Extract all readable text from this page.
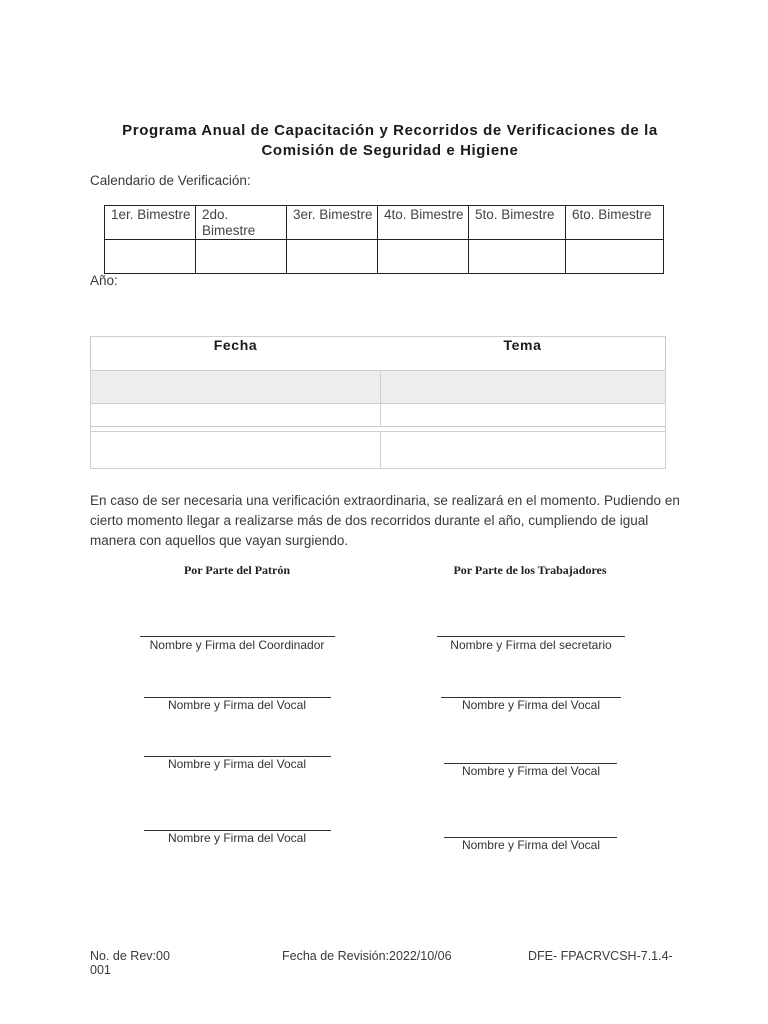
Programa Anual de Capacitación y Recorridos de Verificaciones de la
Comisión de Seguridad e Higiene
Calendario de Verificación:
1er. Bimestre	2do. Bimestre	3er. Bimestre	4to. Bimestre	5to. Bimestre	6to. Bimestre

Año:
Fecha	Tema

En caso de ser necesaria una verificación extraordinaria, se realizará en el momento. Pudiendo en cierto momento llegar a realizarse más de dos recorridos durante el año, cumpliendo de igual manera con aquellos que vayan surgiendo.
Por Parte del Patrón	Por Parte de los Trabajadores
Nombre y Firma del Coordinador
Nombre y Firma del Vocal
Nombre y Firma del Vocal
Nombre y Firma del Vocal
Nombre y Firma del secretario
Nombre y Firma del Vocal
Nombre y Firma del Vocal
Nombre y Firma del Vocal
No. de Rev:00
001
Fecha de Revisión:2022/10/06	DFE- FPACRVCSH-7.1.4-
